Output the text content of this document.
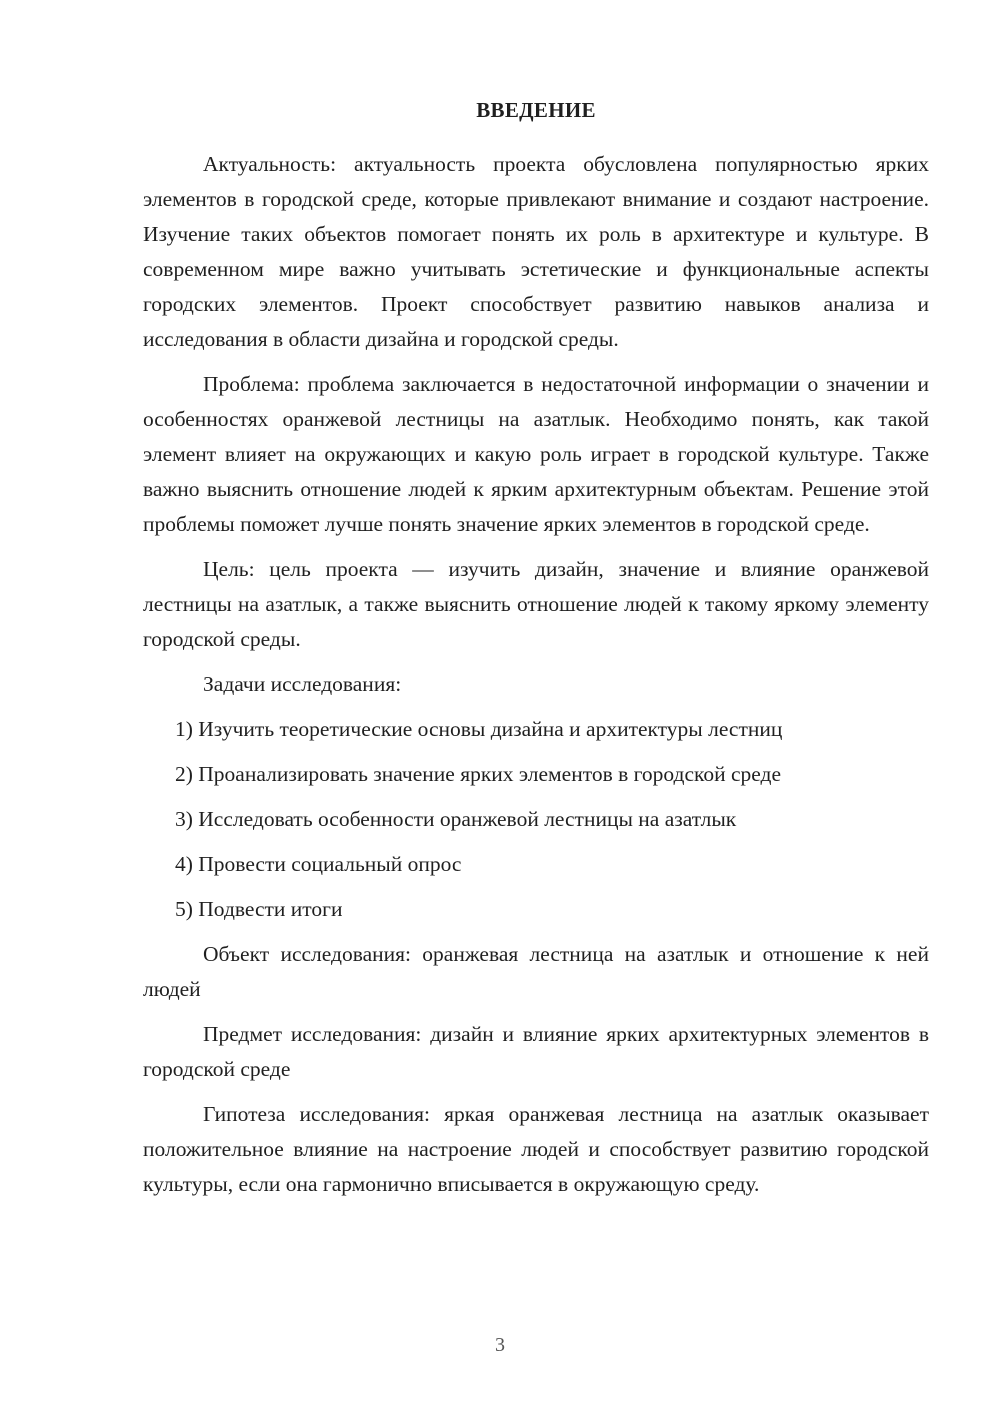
ВВЕДЕНИЕ

Актуальность: актуальность проекта обусловлена популярностью ярких элементов в городской среде, которые привлекают внимание и создают настроение. Изучение таких объектов помогает понять их роль в архитектуре и культуре. В современном мире важно учитывать эстетические и функциональные аспекты городских элементов. Проект способствует развитию навыков анализа и исследования в области дизайна и городской среды.

Проблема: проблема заключается в недостаточной информации о значении и особенностях оранжевой лестницы на азатлык. Необходимо понять, как такой элемент влияет на окружающих и какую роль играет в городской культуре. Также важно выяснить отношение людей к ярким архитектурным объектам. Решение этой проблемы поможет лучше понять значение ярких элементов в городской среде.

Цель: цель проекта — изучить дизайн, значение и влияние оранжевой лестницы на азатлык, а также выяснить отношение людей к такому яркому элементу городской среды.

Задачи исследования:

1) Изучить теоретические основы дизайна и архитектуры лестниц

2) Проанализировать значение ярких элементов в городской среде

3) Исследовать особенности оранжевой лестницы на азатлык

4) Провести социальный опрос

5) Подвести итоги

Объект исследования: оранжевая лестница на азатлык и отношение к ней людей

Предмет исследования: дизайн и влияние ярких архитектурных элементов в городской среде

Гипотеза исследования: яркая оранжевая лестница на азатлык оказывает положительное влияние на настроение людей и способствует развитию городской культуры, если она гармонично вписывается в окружающую среду.

3
